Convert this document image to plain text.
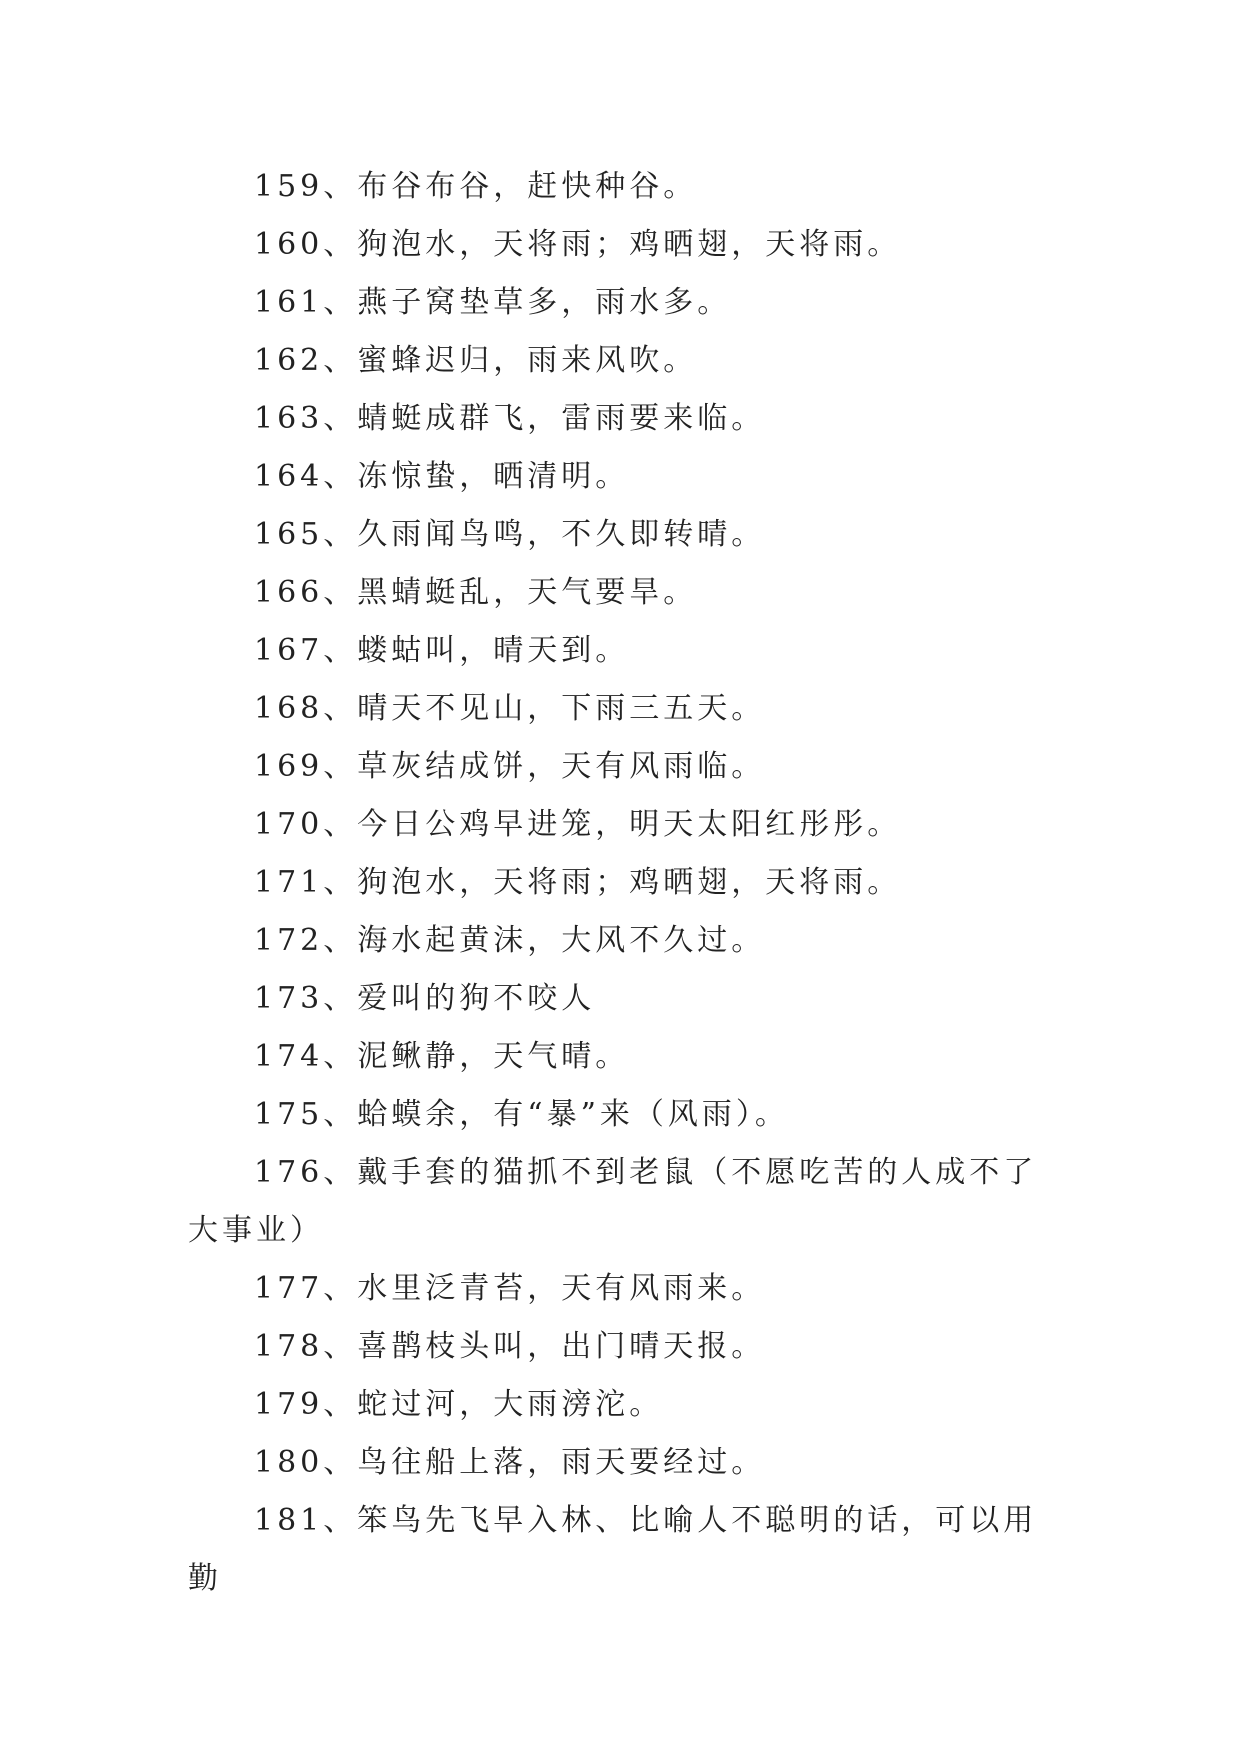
159、布谷布谷，赶快种谷。

160、狗泡水，天将雨；鸡晒翅，天将雨。

161、燕子窝垫草多，雨水多。

162、蜜蜂迟归，雨来风吹。

163、蜻蜓成群飞，雷雨要来临。

164、冻惊蛰，晒清明。

165、久雨闻鸟鸣，不久即转晴。

166、黑蜻蜓乱，天气要旱。

167、蝼蛄叫，晴天到。

168、晴天不见山，下雨三五天。

169、草灰结成饼，天有风雨临。

170、今日公鸡早进笼，明天太阳红彤彤。

171、狗泡水，天将雨；鸡晒翅，天将雨。

172、海水起黄沫，大风不久过。

173、爱叫的狗不咬人

174、泥鳅静，天气晴。

175、蛤蟆余，有“暴”来（风雨）。

176、戴手套的猫抓不到老鼠（不愿吃苦的人成不了大事业）

177、水里泛青苔，天有风雨来。

178、喜鹊枝头叫，出门晴天报。

179、蛇过河，大雨滂沱。

180、鸟往船上落，雨天要经过。

181、笨鸟先飞早入林、比喻人不聪明的话，可以用勤
